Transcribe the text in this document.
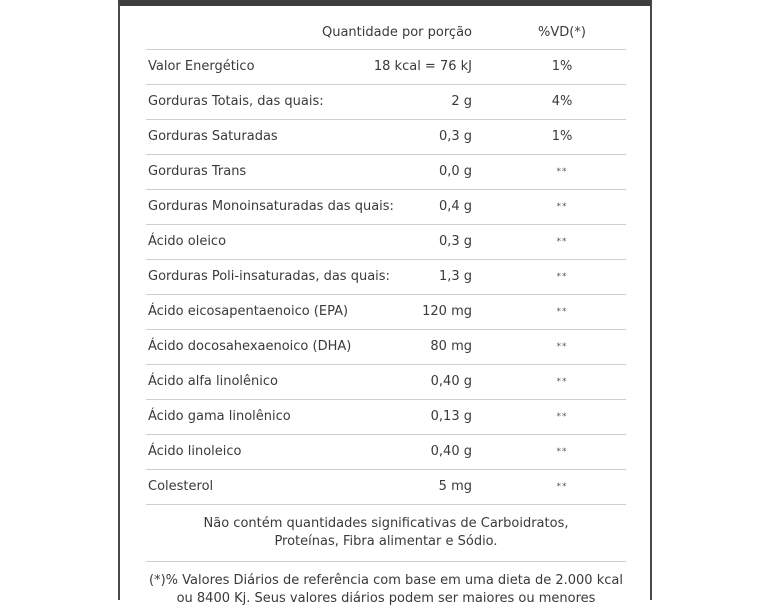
Quantidade por porção	%VD(*)
Valor Energético	18 kcal = 76 kJ	1%
Gorduras Totais, das quais:	2 g	4%
Gorduras Saturadas	0,3 g	1%
Gorduras Trans	0,0 g	**
Gorduras Monoinsaturadas das quais:	0,4 g	**
Ácido oleico	0,3 g	**
Gorduras Poli-insaturadas, das quais:	1,3 g	**
Ácido eicosapentaenoico (EPA)	120 mg	**
Ácido docosahexaenoico (DHA)	80 mg	**
Ácido alfa linolênico	0,40 g	**
Ácido gama linolênico	0,13 g	**
Ácido linoleico	0,40 g	**
Colesterol	5 mg	**
Não contém quantidades significativas de Carboidratos,
Proteínas, Fibra alimentar e Sódio.
(*)% Valores Diários de referência com base em uma dieta de 2.000 kcal
ou 8400 Kj. Seus valores diários podem ser maiores ou menores
